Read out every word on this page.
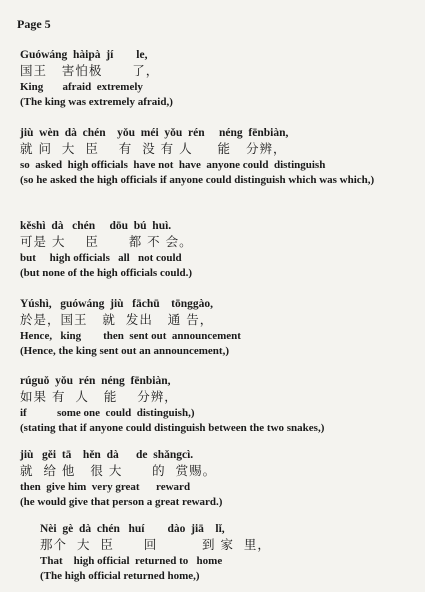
Page 5
Guówáng  hàipà  jí        le,
国王   害怕极      了，
King       afraid  extremely
(The king was extremely afraid,)
jiù  wèn  dà  chén    yǒu  méi  yǒu  rén     néng  fēnbiàn,
就 问  大  臣    有  没 有 人     能   分辨，
so  asked  high officials  have not  have  anyone could  distinguish
(so he asked the high officials if anyone could distinguish which was which,)
kěshì  dà   chén     dōu  bú  huì.
可是 大    臣      都 不 会。
but     high officials   all   not could
(but none of the high officials could.)
Yúshì,   guówáng  jiù   fāchū    tōnggào,
於是，国王   就  发出   通 告，
Hence,   king        then  sent out  announcement
(Hence, the king sent out an announcement,)
rúguǒ  yǒu  rén  néng  fēnbiàn,
如果 有  人   能    分辨，
if           some one  could  distinguish,)
(stating that if anyone could distinguish between the two snakes,)
jiù   gěi  tā    hěn  dà      de  shǎngcì.
就  给 他   很 大      的  赏赐。
then  give him  very great      reward
(he would give that person a great reward.)
Nèi  gè  dà  chén   huí        dào  jiā    lǐ,
那个  大  臣      回         到 家  里，
That    high official  returned to   home
(The high official returned home,)
